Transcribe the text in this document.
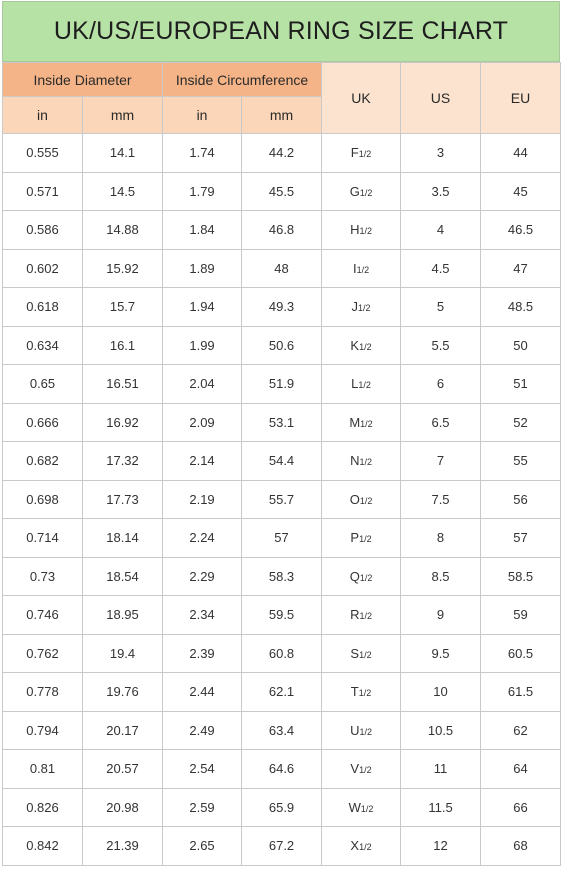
UK/US/EUROPEAN RING SIZE CHART
Inside Diameter		Inside Circumference		UK	US	EU
in	mm	in	mm			
0.555	14.1	1.74	44.2	F1/2	3	44
0.571	14.5	1.79	45.5	G1/2	3.5	45
0.586	14.88	1.84	46.8	H1/2	4	46.5
0.602	15.92	1.89	48	I1/2	4.5	47
0.618	15.7	1.94	49.3	J1/2	5	48.5
0.634	16.1	1.99	50.6	K1/2	5.5	50
0.65	16.51	2.04	51.9	L1/2	6	51
0.666	16.92	2.09	53.1	M1/2	6.5	52
0.682	17.32	2.14	54.4	N1/2	7	55
0.698	17.73	2.19	55.7	O1/2	7.5	56
0.714	18.14	2.24	57	P1/2	8	57
0.73	18.54	2.29	58.3	Q1/2	8.5	58.5
0.746	18.95	2.34	59.5	R1/2	9	59
0.762	19.4	2.39	60.8	S1/2	9.5	60.5
0.778	19.76	2.44	62.1	T1/2	10	61.5
0.794	20.17	2.49	63.4	U1/2	10.5	62
0.81	20.57	2.54	64.6	V1/2	11	64
0.826	20.98	2.59	65.9	W1/2	11.5	66
0.842	21.39	2.65	67.2	X1/2	12	68
